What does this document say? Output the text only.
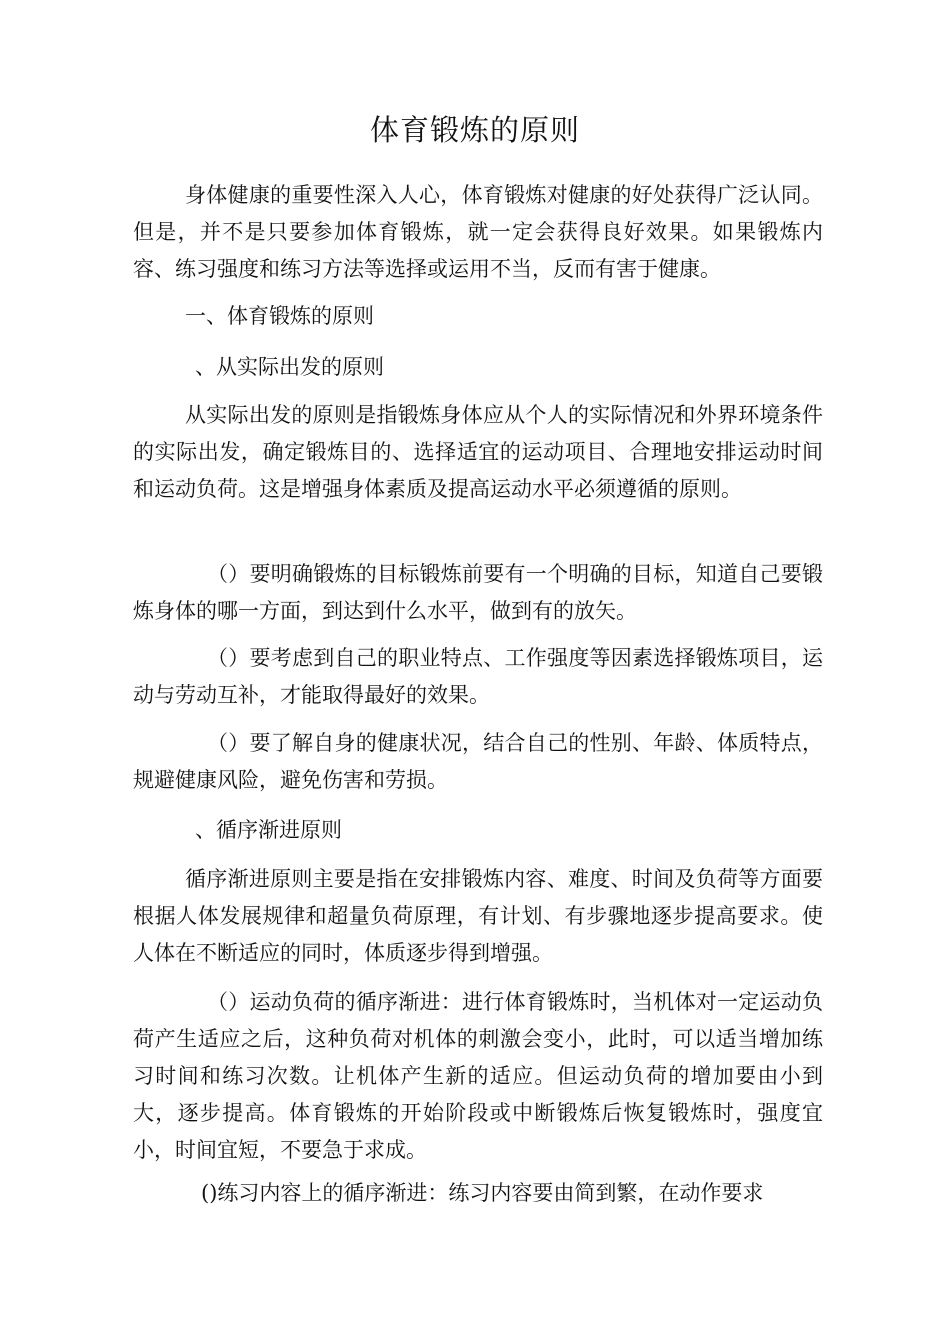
体育锻炼的原则

身体健康的重要性深入人心，体育锻炼对健康的好处获得广泛认同。但是，并不是只要参加体育锻炼，就一定会获得良好效果。如果锻炼内容、练习强度和练习方法等选择或运用不当，反而有害于健康。

一、体育锻炼的原则

、从实际出发的原则

从实际出发的原则是指锻炼身体应从个人的实际情况和外界环境条件的实际出发，确定锻炼目的、选择适宜的运动项目、合理地安排运动时间和运动负荷。这是增强身体素质及提高运动水平必须遵循的原则。

（）要明确锻炼的目标锻炼前要有一个明确的目标，知道自己要锻炼身体的哪一方面，到达到什么水平，做到有的放矢。

（）要考虑到自己的职业特点、工作强度等因素选择锻炼项目，运动与劳动互补，才能取得最好的效果。

（）要了解自身的健康状况，结合自己的性别、年龄、体质特点，规避健康风险，避免伤害和劳损。

、循序渐进原则

循序渐进原则主要是指在安排锻炼内容、难度、时间及负荷等方面要根据人体发展规律和超量负荷原理，有计划、有步骤地逐步提高要求。使人体在不断适应的同时，体质逐步得到增强。

（）运动负荷的循序渐进：进行体育锻炼时，当机体对一定运动负荷产生适应之后，这种负荷对机体的刺激会变小，此时，可以适当增加练习时间和练习次数。让机体产生新的适应。但运动负荷的增加要由小到大，逐步提高。体育锻炼的开始阶段或中断锻炼后恢复锻炼时，强度宜小，时间宜短，不要急于求成。

()练习内容上的循序渐进：练习内容要由简到繁，在动作要求
